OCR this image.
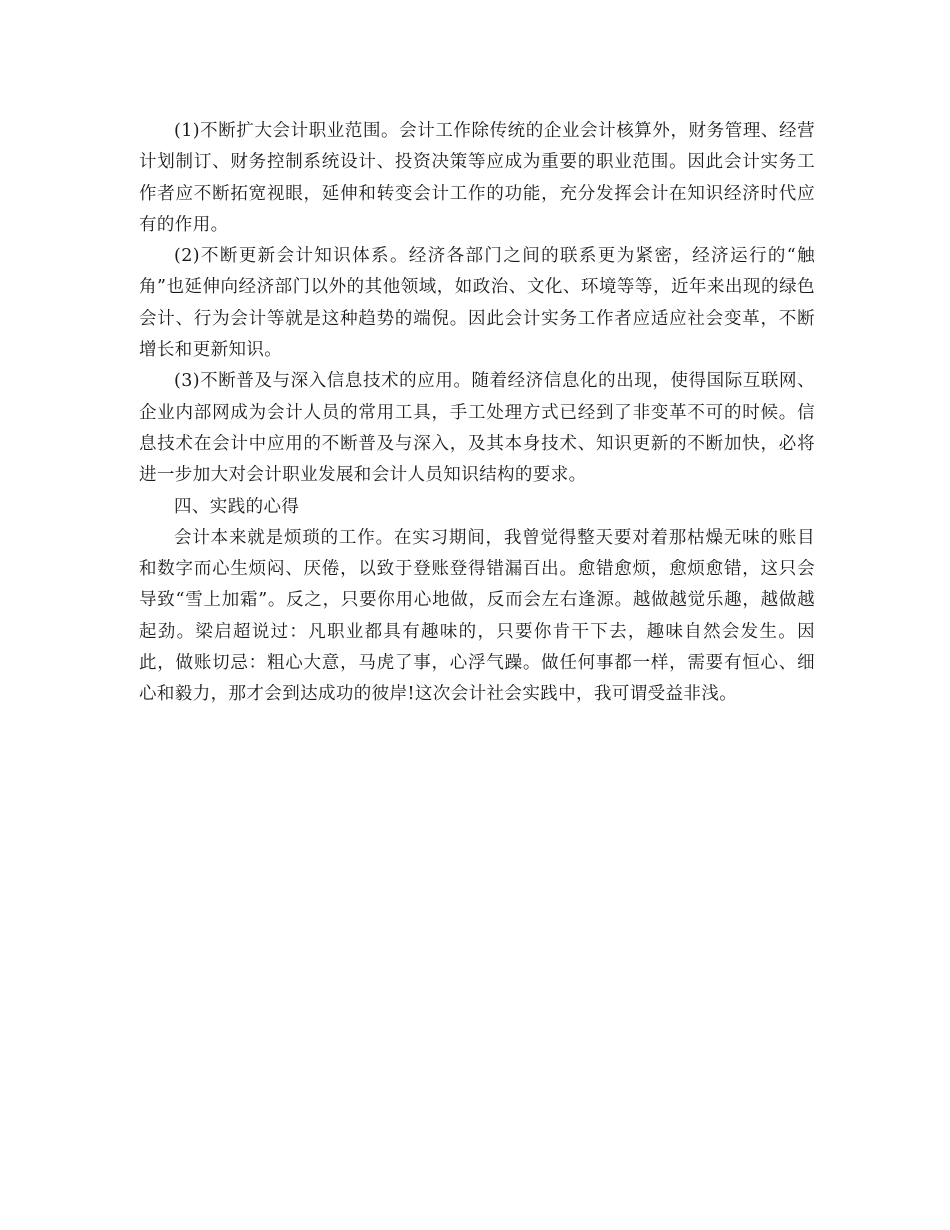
(1)不断扩大会计职业范围。会计工作除传统的企业会计核算外，财务管理、经营计划制订、财务控制系统设计、投资决策等应成为重要的职业范围。因此会计实务工作者应不断拓宽视眼，延伸和转变会计工作的功能，充分发挥会计在知识经济时代应有的作用。

(2)不断更新会计知识体系。经济各部门之间的联系更为紧密，经济运行的“触角”也延伸向经济部门以外的其他领域，如政治、文化、环境等等，近年来出现的绿色会计、行为会计等就是这种趋势的端倪。因此会计实务工作者应适应社会变革，不断增长和更新知识。

(3)不断普及与深入信息技术的应用。随着经济信息化的出现，使得国际互联网、企业内部网成为会计人员的常用工具，手工处理方式已经到了非变革不可的时候。信息技术在会计中应用的不断普及与深入，及其本身技术、知识更新的不断加快，必将进一步加大对会计职业发展和会计人员知识结构的要求。

四、实践的心得

会计本来就是烦琐的工作。在实习期间，我曾觉得整天要对着那枯燥无味的账目和数字而心生烦闷、厌倦，以致于登账登得错漏百出。愈错愈烦，愈烦愈错，这只会导致“雪上加霜”。反之，只要你用心地做，反而会左右逢源。越做越觉乐趣，越做越起劲。梁启超说过：凡职业都具有趣味的，只要你肯干下去，趣味自然会发生。因此，做账切忌：粗心大意，马虎了事，心浮气躁。做任何事都一样，需要有恒心、细心和毅力，那才会到达成功的彼岸!这次会计社会实践中，我可谓受益非浅。
